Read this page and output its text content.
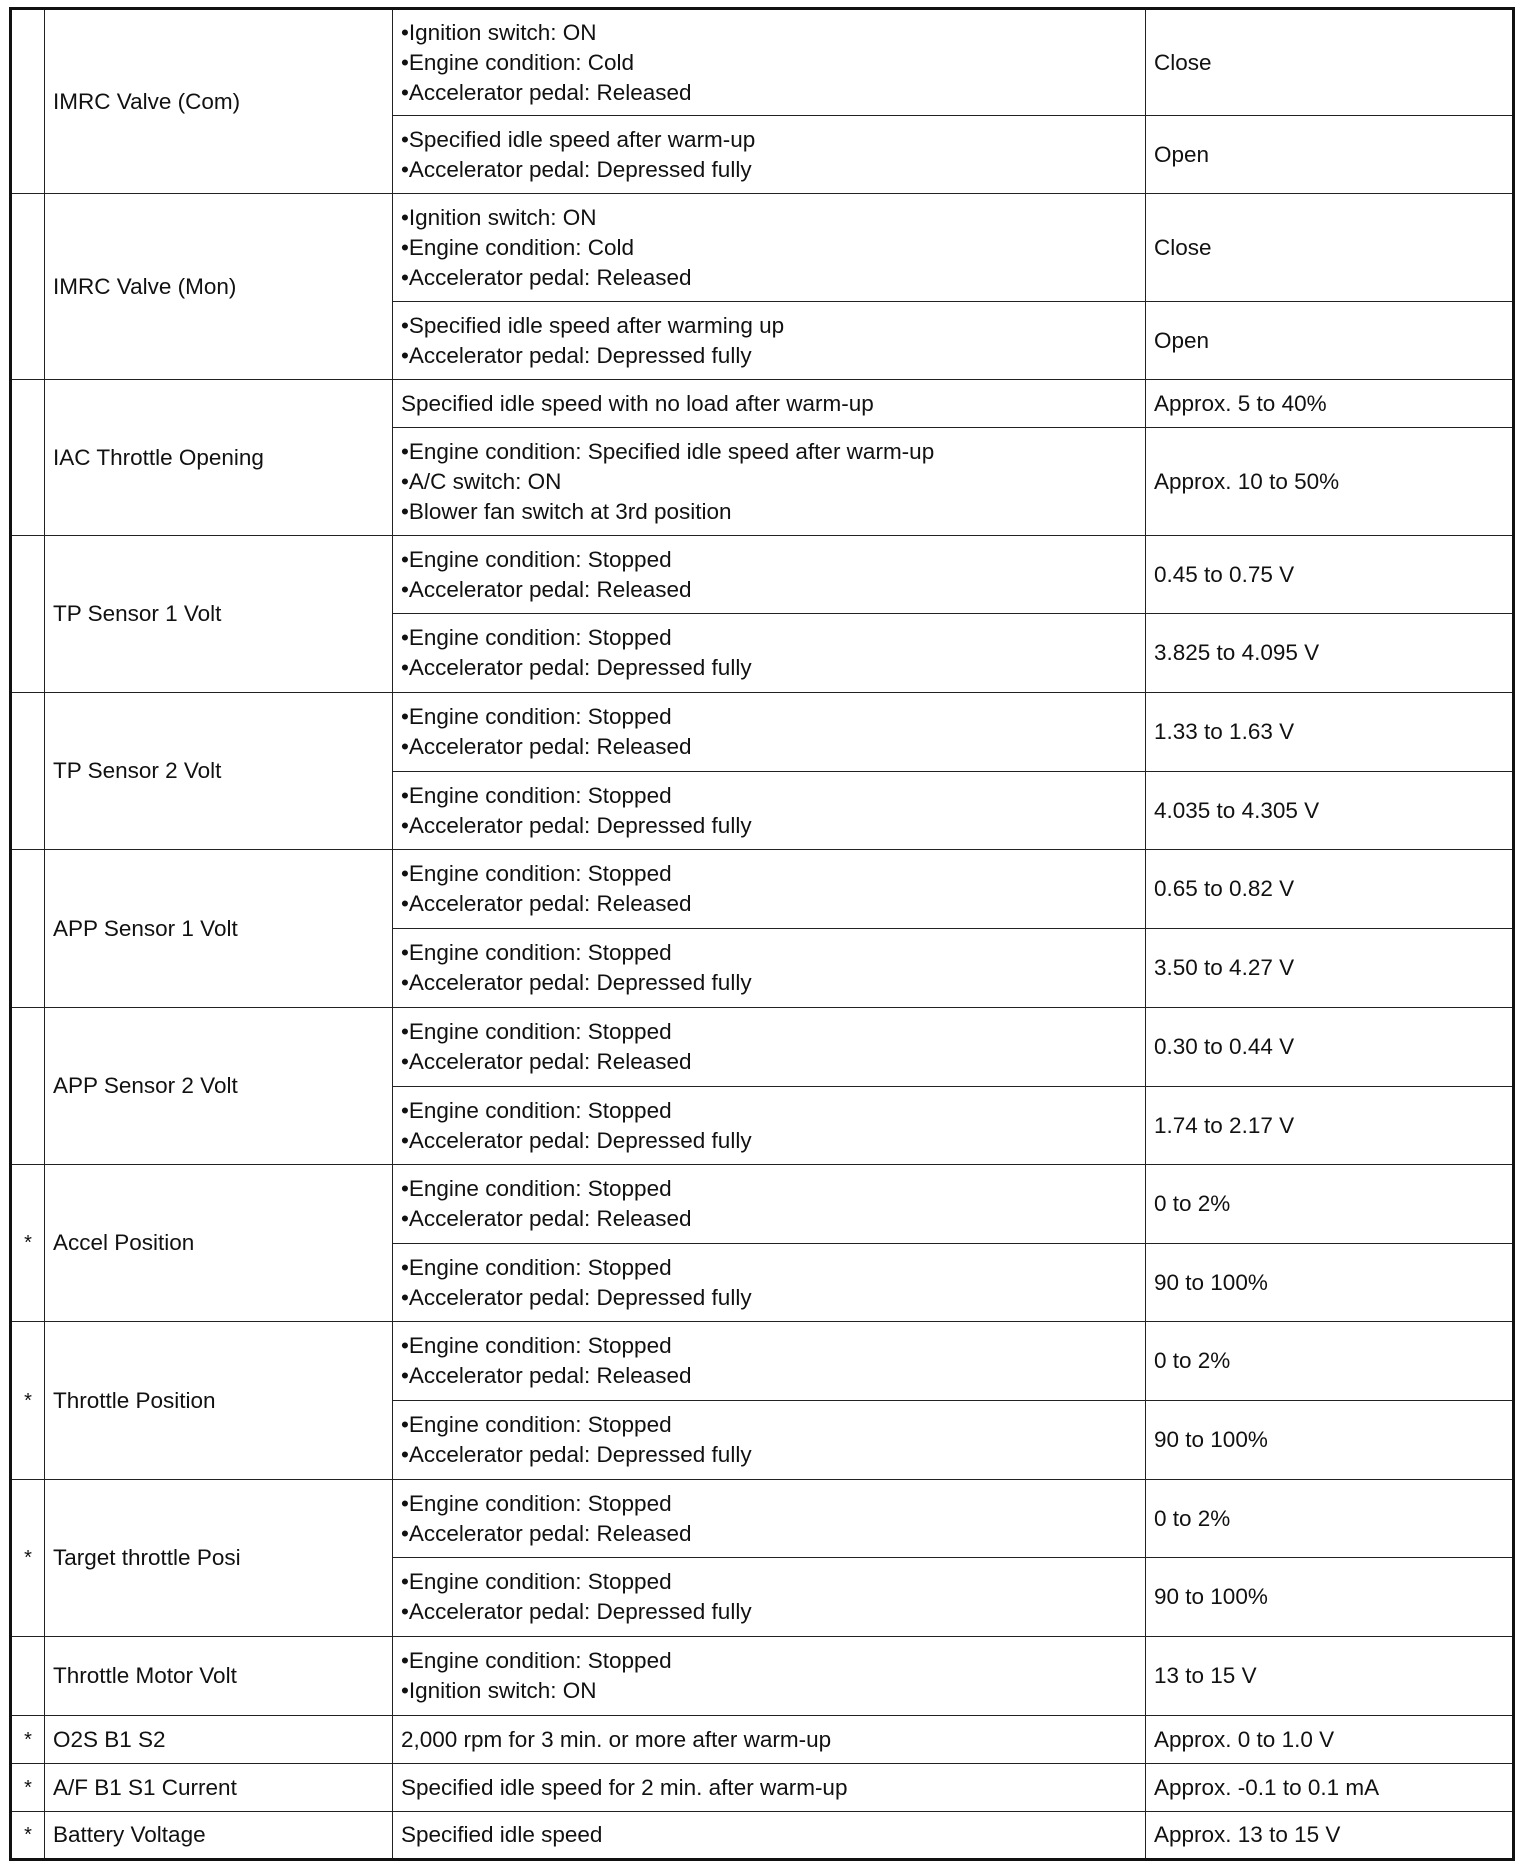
	IMRC Valve (Com)	• Ignition switch: ON
• Engine condition: Cold
• Accelerator pedal: Released	Close

		• Specified idle speed after warm-up
• Accelerator pedal: Depressed fully	Open
	IMRC Valve (Mon)	• Ignition switch: ON
• Engine condition: Cold
• Accelerator pedal: Released	Close

		• Specified idle speed after warming up
• Accelerator pedal: Depressed fully	Open
	IAC Throttle Opening	Specified idle speed with no load after warm-up	Approx. 5 to 40%

		• Engine condition: Specified idle speed after warm-up
• A/C switch: ON
• Blower fan switch at 3rd position	Approx. 10 to 50%
	TP Sensor 1 Volt	• Engine condition: Stopped
• Accelerator pedal: Released	0.45 to 0.75 V

		• Engine condition: Stopped
• Accelerator pedal: Depressed fully	3.825 to 4.095 V
	TP Sensor 2 Volt	• Engine condition: Stopped
• Accelerator pedal: Released	1.33 to 1.63 V

		• Engine condition: Stopped
• Accelerator pedal: Depressed fully	4.035 to 4.305 V
	APP Sensor 1 Volt	• Engine condition: Stopped
• Accelerator pedal: Released	0.65 to 0.82 V

		• Engine condition: Stopped
• Accelerator pedal: Depressed fully	3.50 to 4.27 V
	APP Sensor 2 Volt	• Engine condition: Stopped
• Accelerator pedal: Released	0.30 to 0.44 V

		• Engine condition: Stopped
• Accelerator pedal: Depressed fully	1.74 to 2.17 V
*	Accel Position	• Engine condition: Stopped
• Accelerator pedal: Released	0 to 2%

		• Engine condition: Stopped
• Accelerator pedal: Depressed fully	90 to 100%
*	Throttle Position	• Engine condition: Stopped
• Accelerator pedal: Released	0 to 2%

		• Engine condition: Stopped
• Accelerator pedal: Depressed fully	90 to 100%
*	Target throttle Posi	• Engine condition: Stopped
• Accelerator pedal: Released	0 to 2%

		• Engine condition: Stopped
• Accelerator pedal: Depressed fully	90 to 100%
	Throttle Motor Volt	• Engine condition: Stopped
• Ignition switch: ON	13 to 15 V
*	O2S B1 S2	2,000 rpm for 3 min. or more after warm-up	Approx. 0 to 1.0 V
*	A/F B1 S1 Current	Specified idle speed for 2 min. after warm-up	Approx. -0.1 to 0.1 mA
*	Battery Voltage	Specified idle speed	Approx. 13 to 15 V
